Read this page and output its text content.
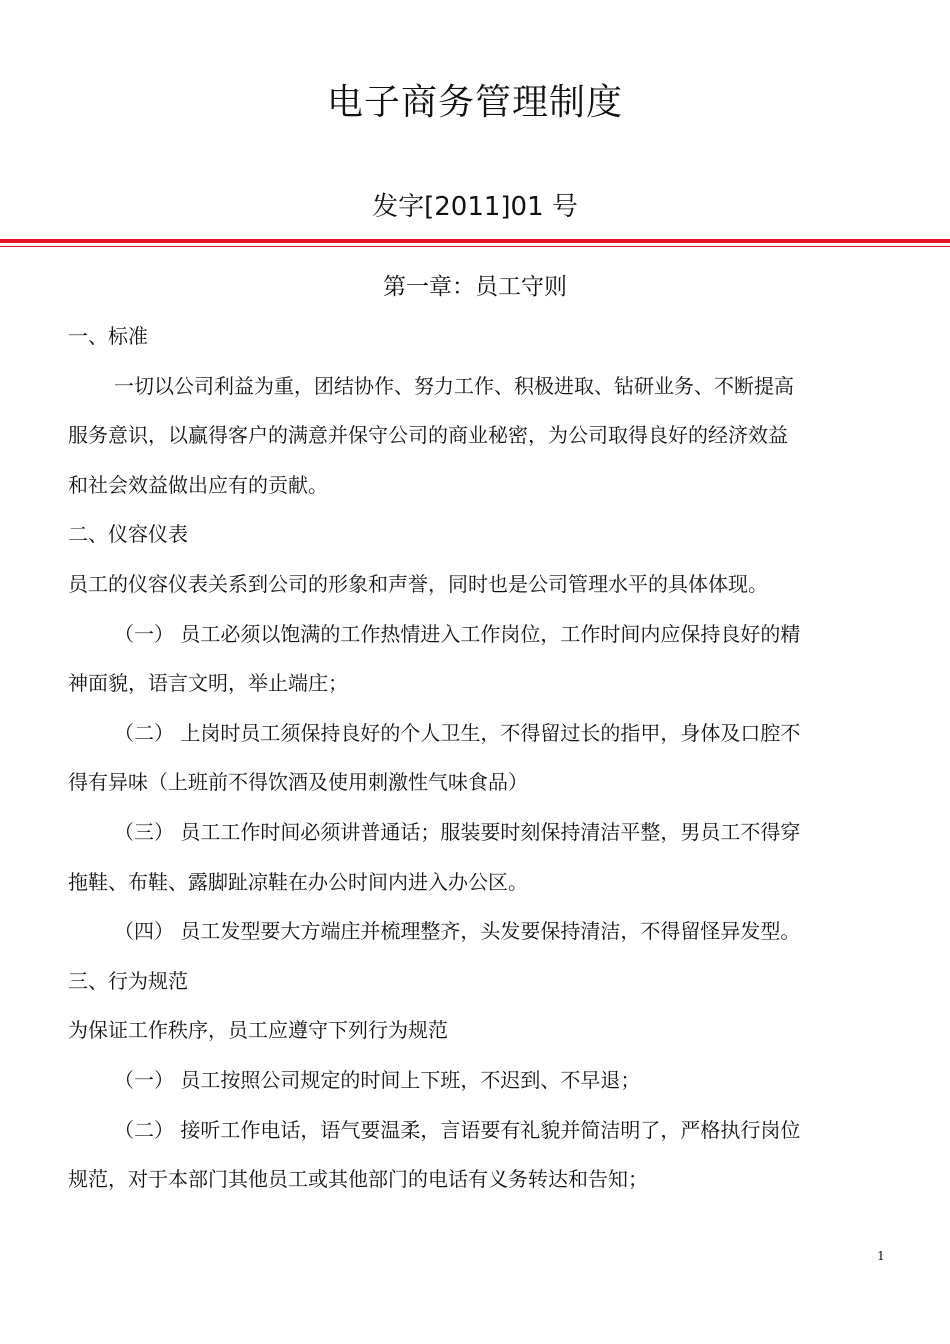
电子商务管理制度
发字[2011]01 号
第一章：员工守则
一、标准
一切以公司利益为重，团结协作、努力工作、积极进取、钻研业务、不断提高
服务意识，以赢得客户的满意并保守公司的商业秘密，为公司取得良好的经济效益
和社会效益做出应有的贡献。
二、仪容仪表
员工的仪容仪表关系到公司的形象和声誉，同时也是公司管理水平的具体体现。
（一） 员工必须以饱满的工作热情进入工作岗位，工作时间内应保持良好的精
神面貌，语言文明，举止端庄；
（二） 上岗时员工须保持良好的个人卫生，不得留过长的指甲，身体及口腔不
得有异味（上班前不得饮酒及使用刺激性气味食品）
（三） 员工工作时间必须讲普通话；服装要时刻保持清洁平整，男员工不得穿
拖鞋、布鞋、露脚趾凉鞋在办公时间内进入办公区。
（四） 员工发型要大方端庄并梳理整齐，头发要保持清洁，不得留怪异发型。
三、行为规范
为保证工作秩序，员工应遵守下列行为规范
（一） 员工按照公司规定的时间上下班，不迟到、不早退；
（二） 接听工作电话，语气要温柔，言语要有礼貌并简洁明了，严格执行岗位
规范，对于本部门其他员工或其他部门的电话有义务转达和告知；
1
